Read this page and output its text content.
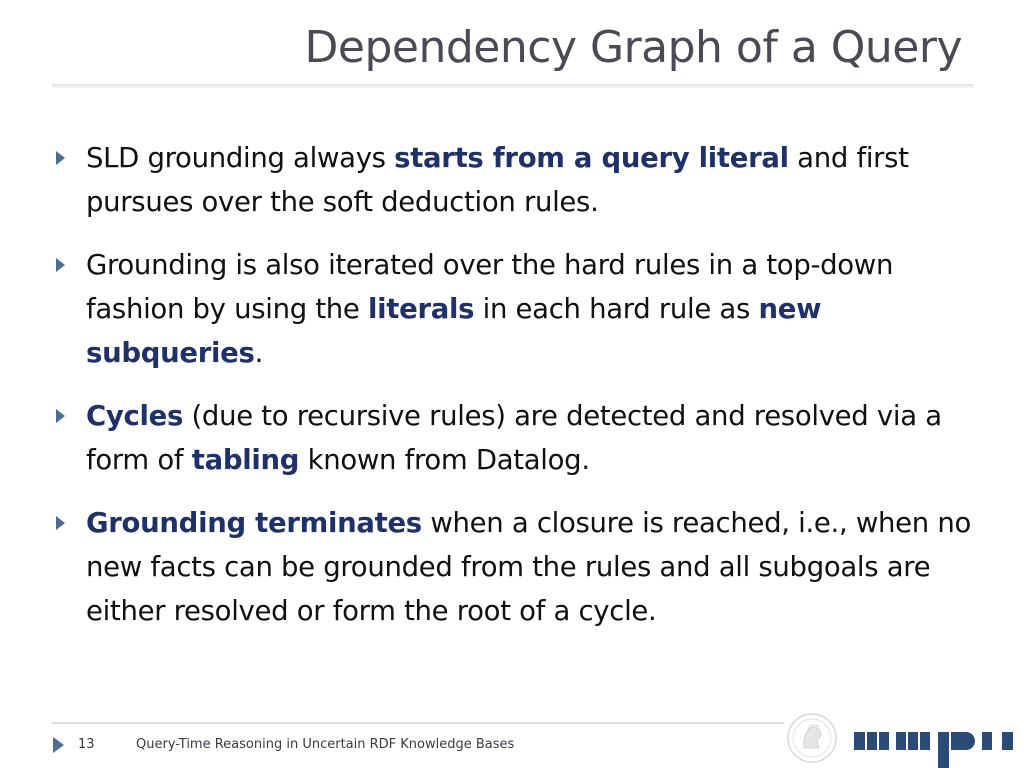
Dependency Graph of a Query
SLD grounding always starts from a query literal and first pursues over the soft deduction rules.
Grounding is also iterated over the hard rules in a top-down fashion by using the literals in each hard rule as new subqueries.
Cycles (due to recursive rules) are detected and resolved via a form of tabling known from Datalog.
Grounding terminates when a closure is reached, i.e., when no new facts can be grounded from the rules and all subgoals are either resolved or form the root of a cycle.
13	Query-Time Reasoning in Uncertain RDF Knowledge Bases
